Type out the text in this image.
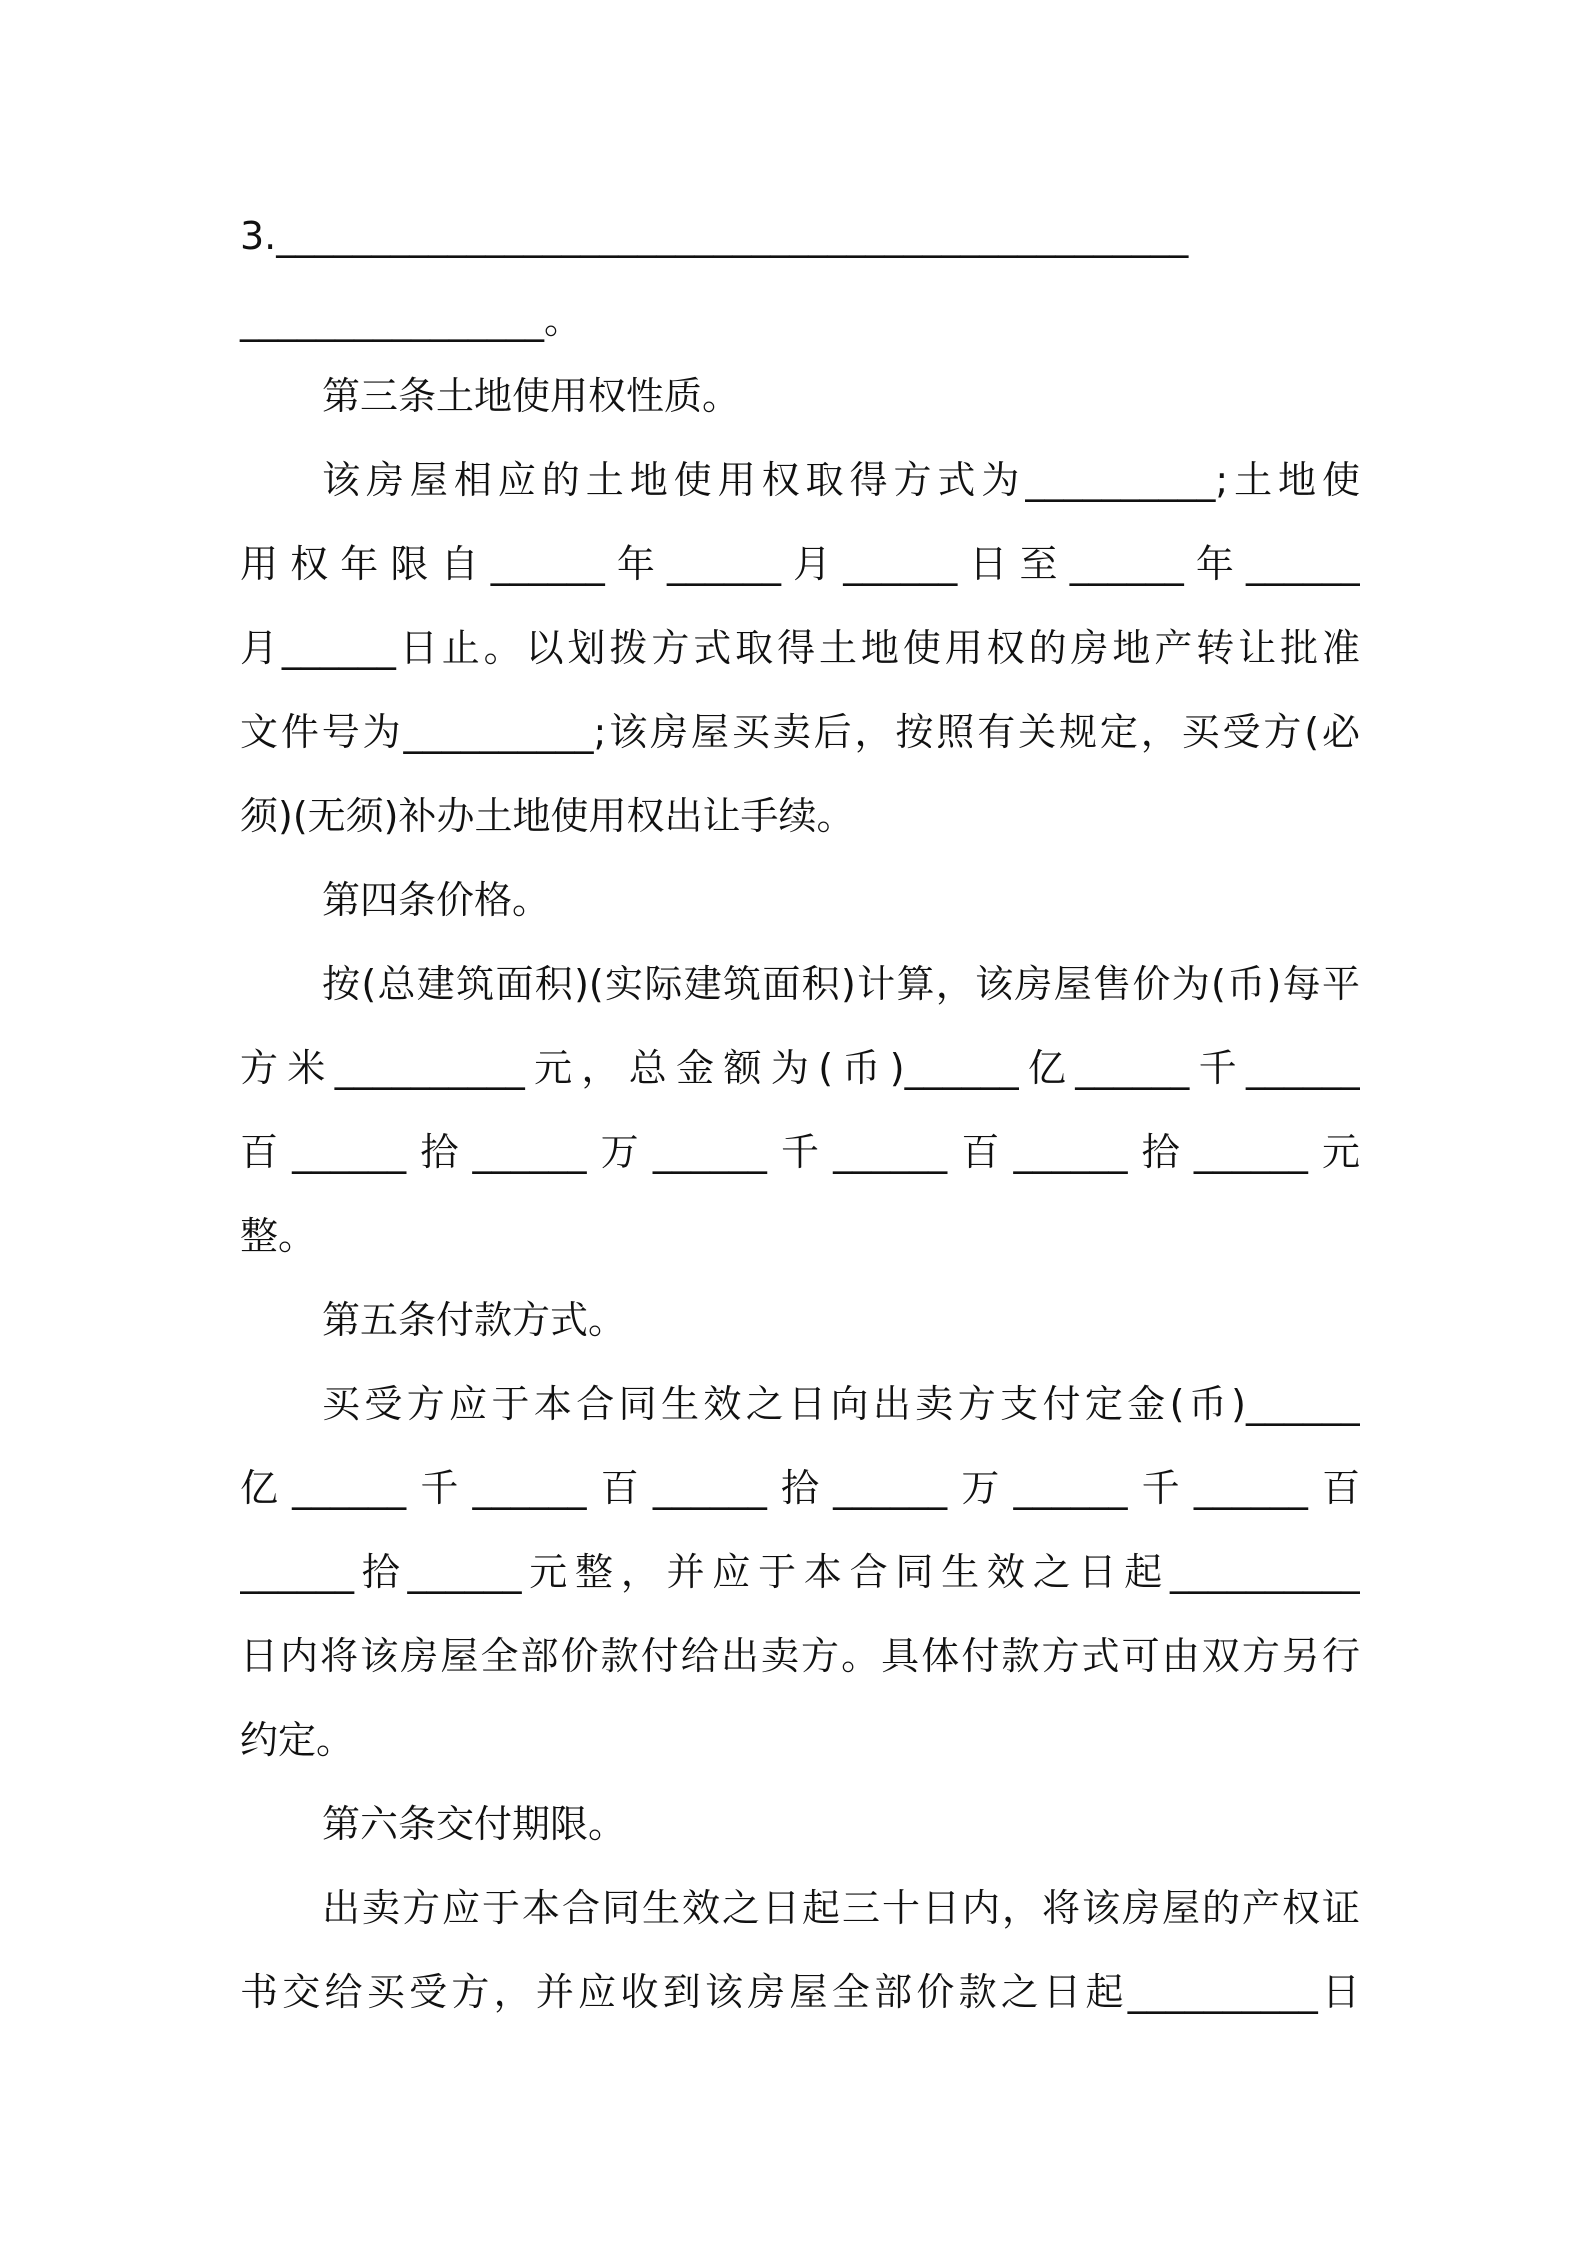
3.________________________________________________
________________。
第三条土地使用权性质。
该房屋相应的土地使用权取得方式为__________;土地使
用权年限自______年______月______日至______年______
月______日止。以划拨方式取得土地使用权的房地产转让批准
文件号为__________;该房屋买卖后，按照有关规定，买受方(必
须)(无须)补办土地使用权出让手续。
第四条价格。
按(总建筑面积)(实际建筑面积)计算，该房屋售价为(币)每平
方米__________元，总金额为(币)______亿______千______
百______拾______万______千______百______拾______元
整。
第五条付款方式。
买受方应于本合同生效之日向出卖方支付定金(币)______
亿______千______百______拾______万______千______百
______拾______元整，并应于本合同生效之日起__________
日内将该房屋全部价款付给出卖方。具体付款方式可由双方另行
约定。
第六条交付期限。
出卖方应于本合同生效之日起三十日内，将该房屋的产权证
书交给买受方，并应收到该房屋全部价款之日起__________日
